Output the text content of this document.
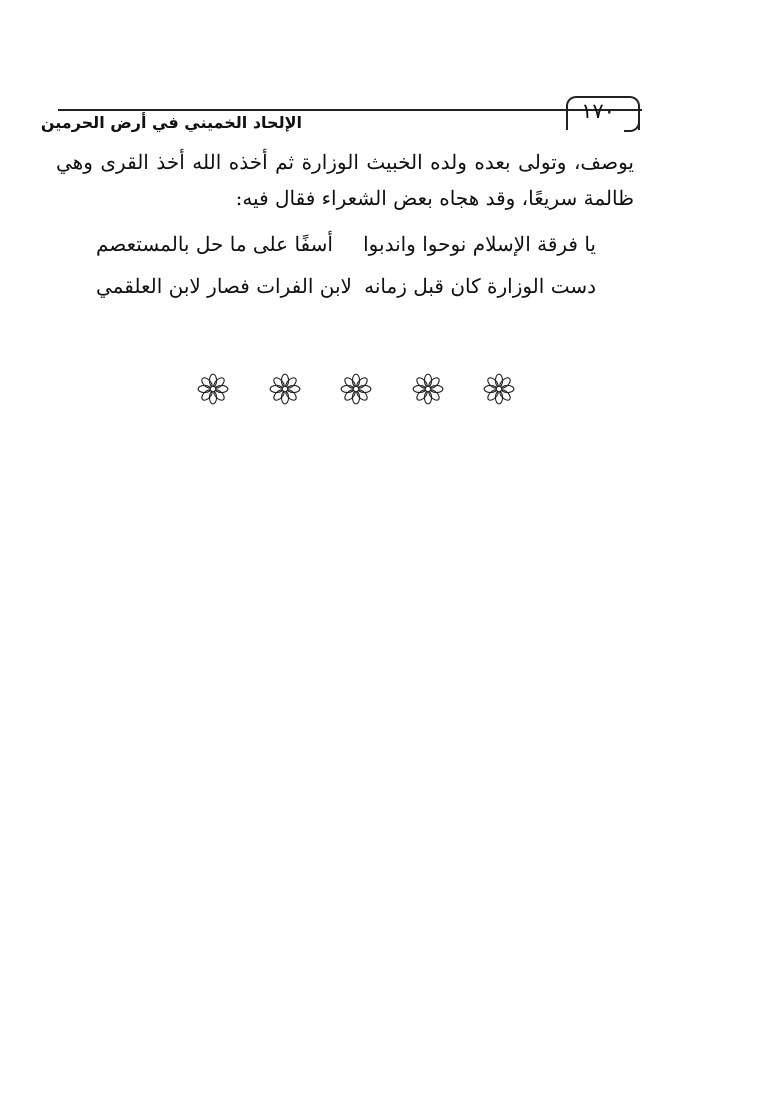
الإلحاد الخميني في أرض الحرمين	١٧٠
يوصف، وتولى بعده ولده الخبيث الوزارة ثم أخذه الله أخذ القرى وهي
ظالمة سريعًا، وقد هجاه بعض الشعراء فقال فيه:
يا فرقة الإسلام نوحوا واندبوا
أسفًا على ما حل بالمستعصم
دست الوزارة كان قبل زمانه
لابن الفرات فصار لابن العلقمي
